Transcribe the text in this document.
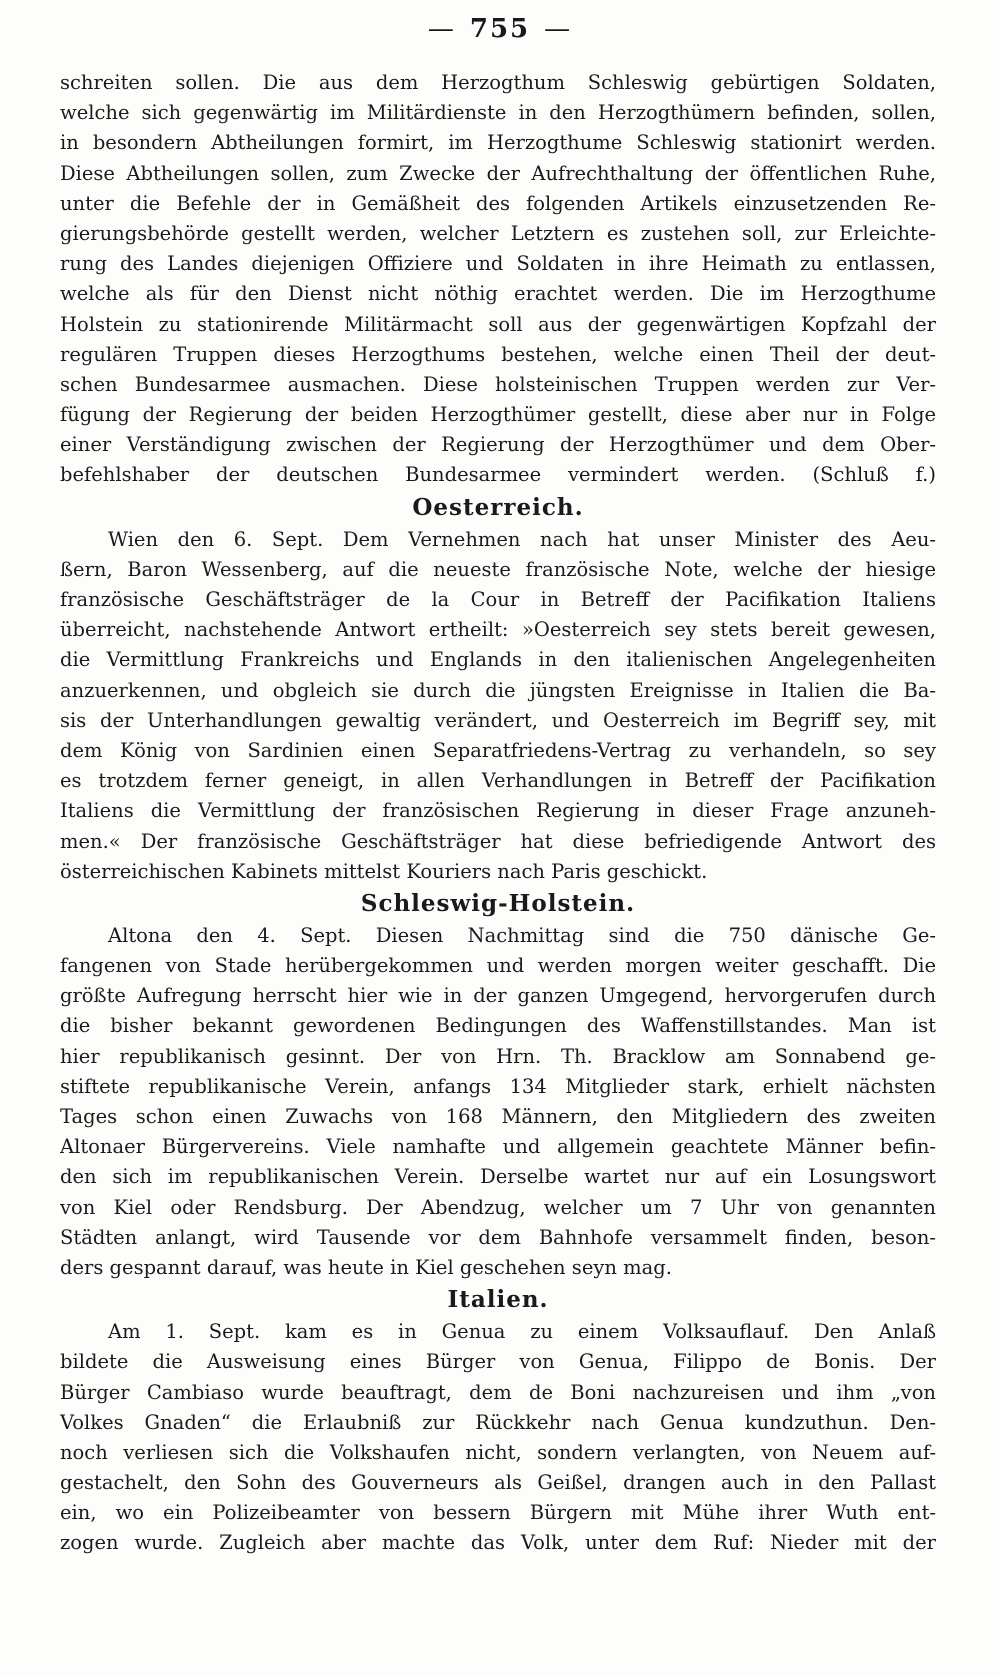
— 755 —
schreiten sollen. Die aus dem Herzogthum Schleswig gebürtigen Soldaten,
welche sich gegenwärtig im Militärdienste in den Herzogthümern befinden, sollen,
in besondern Abtheilungen formirt, im Herzogthume Schleswig stationirt werden.
Diese Abtheilungen sollen, zum Zwecke der Aufrechthaltung der öffentlichen Ruhe,
unter die Befehle der in Gemäßheit des folgenden Artikels einzusetzenden Re-
gierungsbehörde gestellt werden, welcher Letztern es zustehen soll, zur Erleichte-
rung des Landes diejenigen Offiziere und Soldaten in ihre Heimath zu entlassen,
welche als für den Dienst nicht nöthig erachtet werden. Die im Herzogthume
Holstein zu stationirende Militärmacht soll aus der gegenwärtigen Kopfzahl der
regulären Truppen dieses Herzogthums bestehen, welche einen Theil der deut-
schen Bundesarmee ausmachen. Diese holsteinischen Truppen werden zur Ver-
fügung der Regierung der beiden Herzogthümer gestellt, diese aber nur in Folge
einer Verständigung zwischen der Regierung der Herzogthümer und dem Ober-
befehlshaber der deutschen Bundesarmee vermindert werden. (Schluß f.)
Oesterreich.
Wien den 6. Sept. Dem Vernehmen nach hat unser Minister des Aeu-
ßern, Baron Wessenberg, auf die neueste französische Note, welche der hiesige
französische Geschäftsträger de la Cour in Betreff der Pacifikation Italiens
überreicht, nachstehende Antwort ertheilt: »Oesterreich sey stets bereit gewesen,
die Vermittlung Frankreichs und Englands in den italienischen Angelegenheiten
anzuerkennen, und obgleich sie durch die jüngsten Ereignisse in Italien die Ba-
sis der Unterhandlungen gewaltig verändert, und Oesterreich im Begriff sey, mit
dem König von Sardinien einen Separatfriedens-Vertrag zu verhandeln, so sey
es trotzdem ferner geneigt, in allen Verhandlungen in Betreff der Pacifikation
Italiens die Vermittlung der französischen Regierung in dieser Frage anzuneh-
men.« Der französische Geschäftsträger hat diese befriedigende Antwort des
österreichischen Kabinets mittelst Kouriers nach Paris geschickt.
Schleswig-Holstein.
Altona den 4. Sept. Diesen Nachmittag sind die 750 dänische Ge-
fangenen von Stade herübergekommen und werden morgen weiter geschafft. Die
größte Aufregung herrscht hier wie in der ganzen Umgegend, hervorgerufen durch
die bisher bekannt gewordenen Bedingungen des Waffenstillstandes. Man ist
hier republikanisch gesinnt. Der von Hrn. Th. Bracklow am Sonnabend ge-
stiftete republikanische Verein, anfangs 134 Mitglieder stark, erhielt nächsten
Tages schon einen Zuwachs von 168 Männern, den Mitgliedern des zweiten
Altonaer Bürgervereins. Viele namhafte und allgemein geachtete Männer befin-
den sich im republikanischen Verein. Derselbe wartet nur auf ein Losungswort
von Kiel oder Rendsburg. Der Abendzug, welcher um 7 Uhr von genannten
Städten anlangt, wird Tausende vor dem Bahnhofe versammelt finden, beson-
ders gespannt darauf, was heute in Kiel geschehen seyn mag.
Italien.
Am 1. Sept. kam es in Genua zu einem Volksauflauf. Den Anlaß
bildete die Ausweisung eines Bürger von Genua, Filippo de Bonis. Der
Bürger Cambiaso wurde beauftragt, dem de Boni nachzureisen und ihm „von
Volkes Gnaden“ die Erlaubniß zur Rückkehr nach Genua kundzuthun. Den-
noch verliesen sich die Volkshaufen nicht, sondern verlangten, von Neuem auf-
gestachelt, den Sohn des Gouverneurs als Geißel, drangen auch in den Pallast
ein, wo ein Polizeibeamter von bessern Bürgern mit Mühe ihrer Wuth ent-
zogen wurde. Zugleich aber machte das Volk, unter dem Ruf: Nieder mit der
